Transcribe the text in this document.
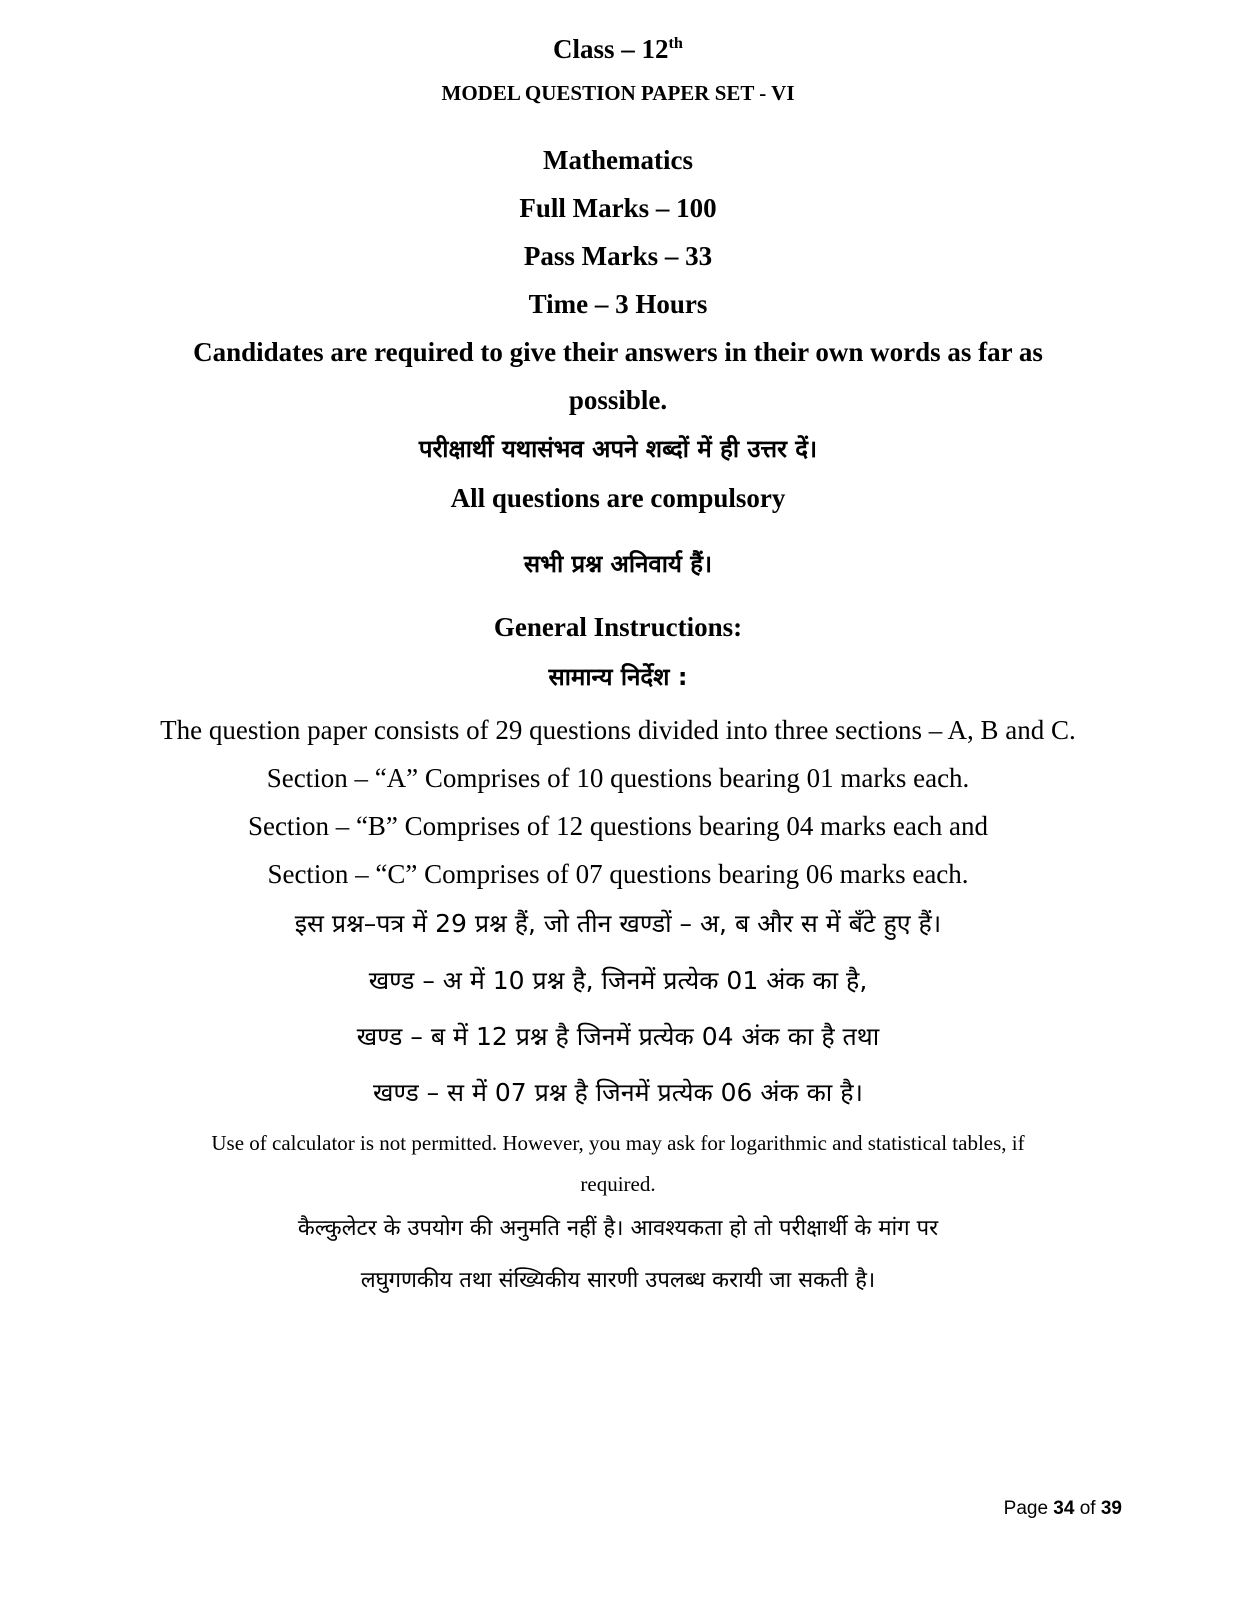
Class – 12th
MODEL QUESTION PAPER SET - VI
Mathematics
Full Marks – 100
Pass Marks – 33
Time – 3 Hours
Candidates are required to give their answers in their own words as far as
possible.
परीक्षार्थी यथासंभव अपने शब्दों में ही उत्तर दें।
All questions are compulsory
सभी प्रश्न अनिवार्य हैं।
General Instructions:
सामान्य निर्देश :
The question paper consists of 29 questions divided into three sections – A, B and C.
Section – “A” Comprises of 10 questions bearing 01 marks each.
Section – “B” Comprises of 12 questions bearing 04 marks each and
Section – “C” Comprises of 07 questions bearing 06 marks each.
इस प्रश्न–पत्र में 29 प्रश्न हैं, जो तीन खण्डों – अ, ब और स में बँटे हुए हैं।
खण्ड – अ में 10 प्रश्न है, जिनमें प्रत्येक 01 अंक का है,
खण्ड – ब में 12 प्रश्न है जिनमें प्रत्येक 04 अंक का है तथा
खण्ड – स में 07 प्रश्न है जिनमें प्रत्येक 06 अंक का है।
Use of calculator is not permitted. However, you may ask for logarithmic and statistical tables, if
required.
कैल्कुलेटर के उपयोग की अनुमति नहीं है। आवश्यकता हो तो परीक्षार्थी के मांग पर
लघुगणकीय तथा संख्यिकीय सारणी उपलब्ध करायी जा सकती है।
Page 34 of 39
